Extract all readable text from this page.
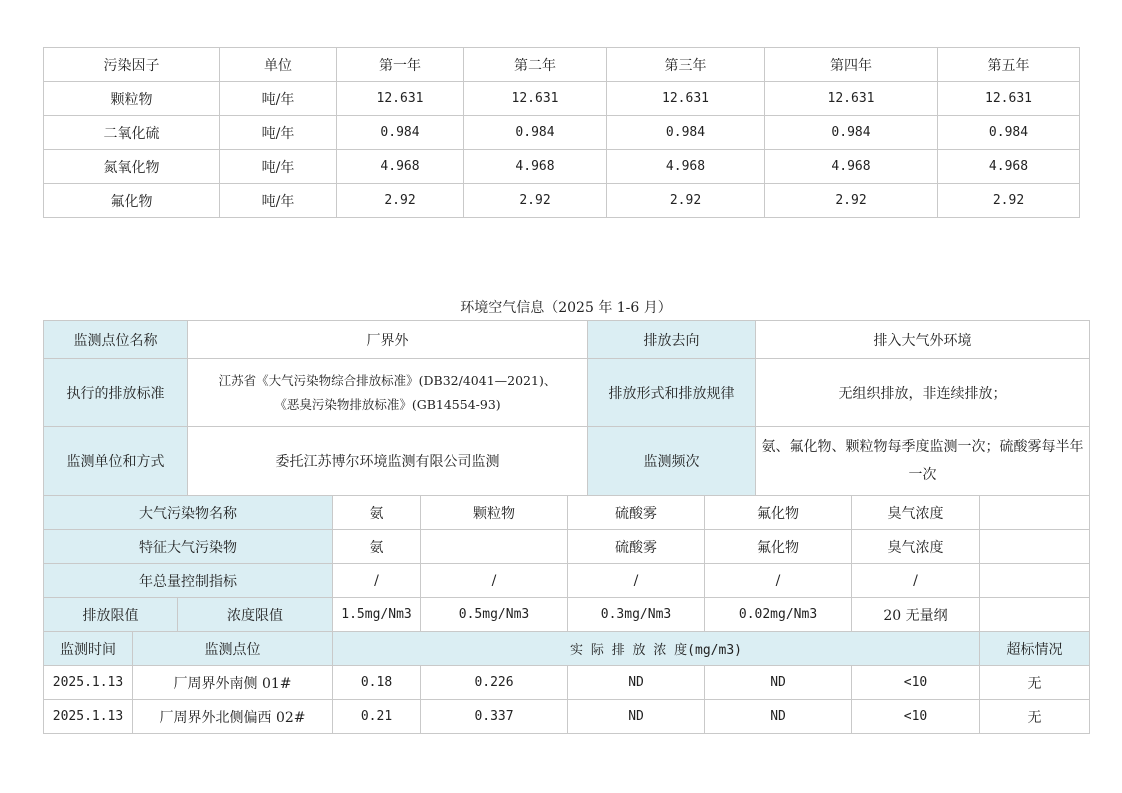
污染因子	单位	第一年	第二年	第三年	第四年	第五年
颗粒物	吨/年	12.631	12.631	12.631	12.631	12.631
二氧化硫	吨/年	0.984	0.984	0.984	0.984	0.984
氮氧化物	吨/年	4.968	4.968	4.968	4.968	4.968
氟化物	吨/年	2.92	2.92	2.92	2.92	2.92
环境空气信息（2025 年 1-6 月）
监测点位名称	厂界外	排放去向	排入大气外环境
执行的排放标准	江苏省《大气污染物综合排放标准》(DB32/4041—2021)、
《恶臭污染物排放标准》(GB14554-93)	排放形式和排放规律	无组织排放，非连续排放；
监测单位和方式	委托江苏博尔环境监测有限公司监测	监测频次	氨、氟化物、颗粒物每季度监测一次；硫酸雾每半年一次
大气污染物名称			氨	颗粒物	硫酸雾	氟化物	臭气浓度	
特征大气污染物			氨		硫酸雾	氟化物	臭气浓度	
年总量控制指标			/	/	/	/	/	
排放限值		浓度限值	1.5mg/Nm3	0.5mg/Nm3	0.3mg/Nm3	0.02mg/Nm3	20 无量纲	
监测时间	监测点位		实 际 排 放 浓 度(mg/m3)					超标情况
2025.1.13	厂周界外南侧 01#		0.18	0.226	ND	ND	<10	无
2025.1.13	厂周界外北侧偏西 02#		0.21	0.337	ND	ND	<10	无
